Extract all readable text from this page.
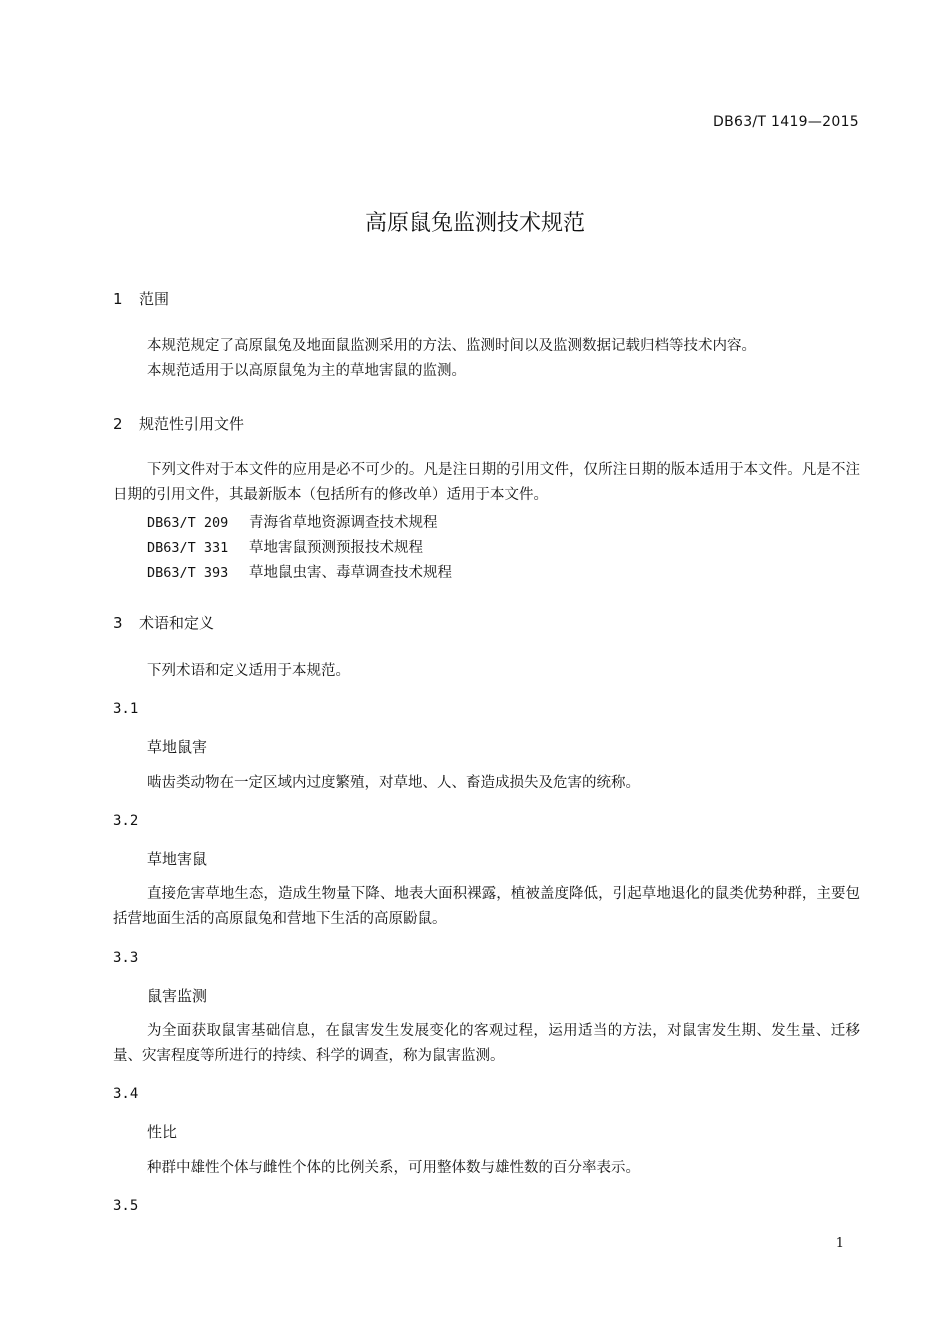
DB63/T 1419—2015
高原鼠兔监测技术规范
1 范围
本规范规定了高原鼠兔及地面鼠监测采用的方法、监测时间以及监测数据记载归档等技术内容。
本规范适用于以高原鼠兔为主的草地害鼠的监测。
2 规范性引用文件
下列文件对于本文件的应用是必不可少的。凡是注日期的引用文件，仅所注日期的版本适用于本文件。凡是不注日期的引用文件，其最新版本（包括所有的修改单）适用于本文件。
DB63/T 209 青海省草地资源调查技术规程
DB63/T 331 草地害鼠预测预报技术规程
DB63/T 393 草地鼠虫害、毒草调查技术规程
3 术语和定义
下列术语和定义适用于本规范。
3.1
草地鼠害
啮齿类动物在一定区域内过度繁殖，对草地、人、畜造成损失及危害的统称。
3.2
草地害鼠
直接危害草地生态，造成生物量下降、地表大面积裸露，植被盖度降低，引起草地退化的鼠类优势种群，主要包括营地面生活的高原鼠兔和营地下生活的高原鼢鼠。
3.3
鼠害监测
为全面获取鼠害基础信息，在鼠害发生发展变化的客观过程，运用适当的方法，对鼠害发生期、发生量、迁移量、灾害程度等所进行的持续、科学的调查，称为鼠害监测。
3.4
性比
种群中雄性个体与雌性个体的比例关系，可用整体数与雄性数的百分率表示。
3.5
1
